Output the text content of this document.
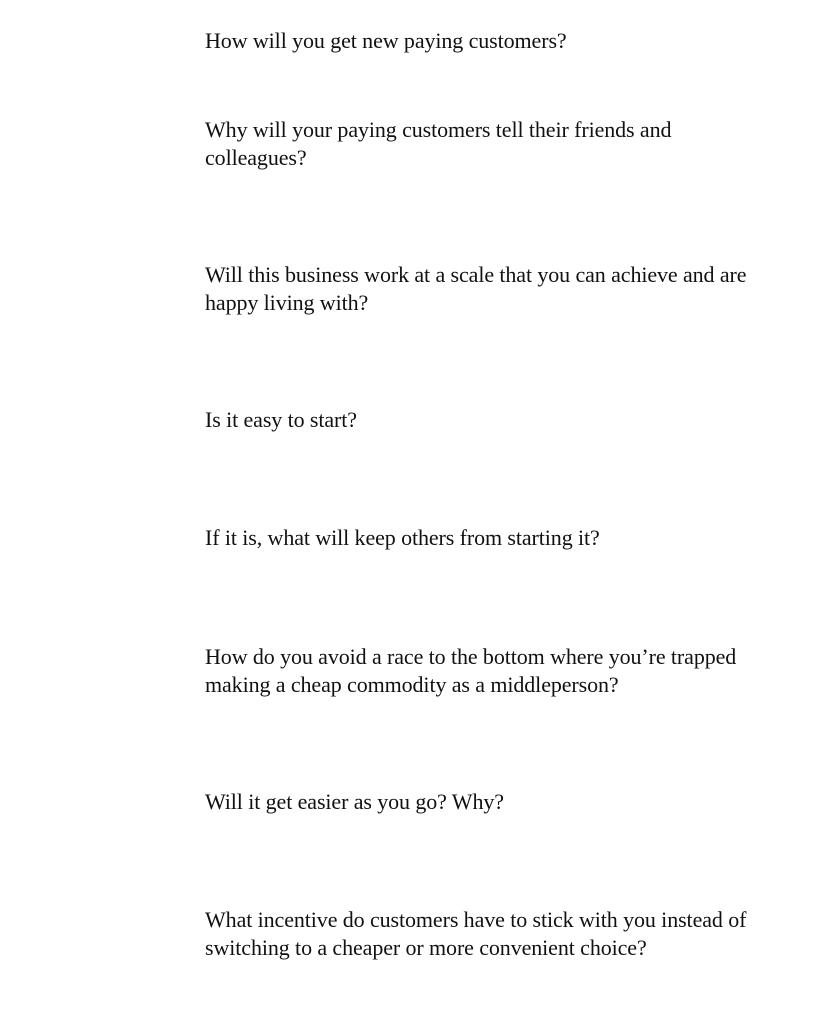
How will you get new paying customers?

Why will your paying customers tell their friends and colleagues?

Will this business work at a scale that you can achieve and are happy living with?

Is it easy to start?

If it is, what will keep others from starting it?

How do you avoid a race to the bottom where you’re trapped making a cheap commodity as a middleperson?

Will it get easier as you go? Why?

What incentive do customers have to stick with you instead of switching to a cheaper or more convenient choice?
